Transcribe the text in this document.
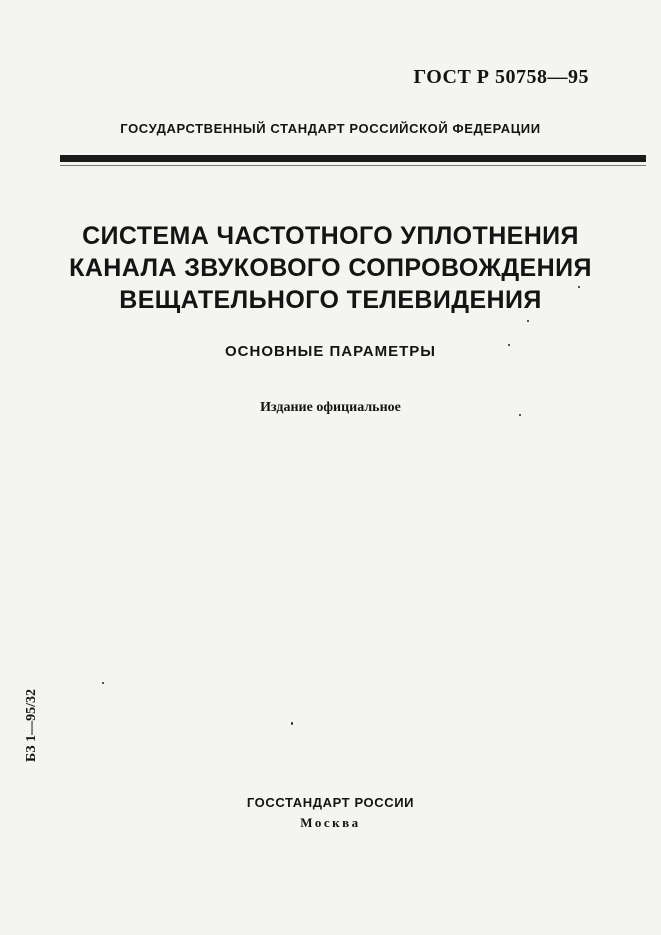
ГОСТ Р 50758—95
ГОСУДАРСТВЕННЫЙ СТАНДАРТ РОССИЙСКОЙ ФЕДЕРАЦИИ
СИСТЕМА ЧАСТОТНОГО УПЛОТНЕНИЯ
КАНАЛА ЗВУКОВОГО СОПРОВОЖДЕНИЯ
ВЕЩАТЕЛЬНОГО ТЕЛЕВИДЕНИЯ
ОСНОВНЫЕ ПАРАМЕТРЫ
Издание официальное
БЗ 1—95/32
ГОССТАНДАРТ РОССИИ
Москва
